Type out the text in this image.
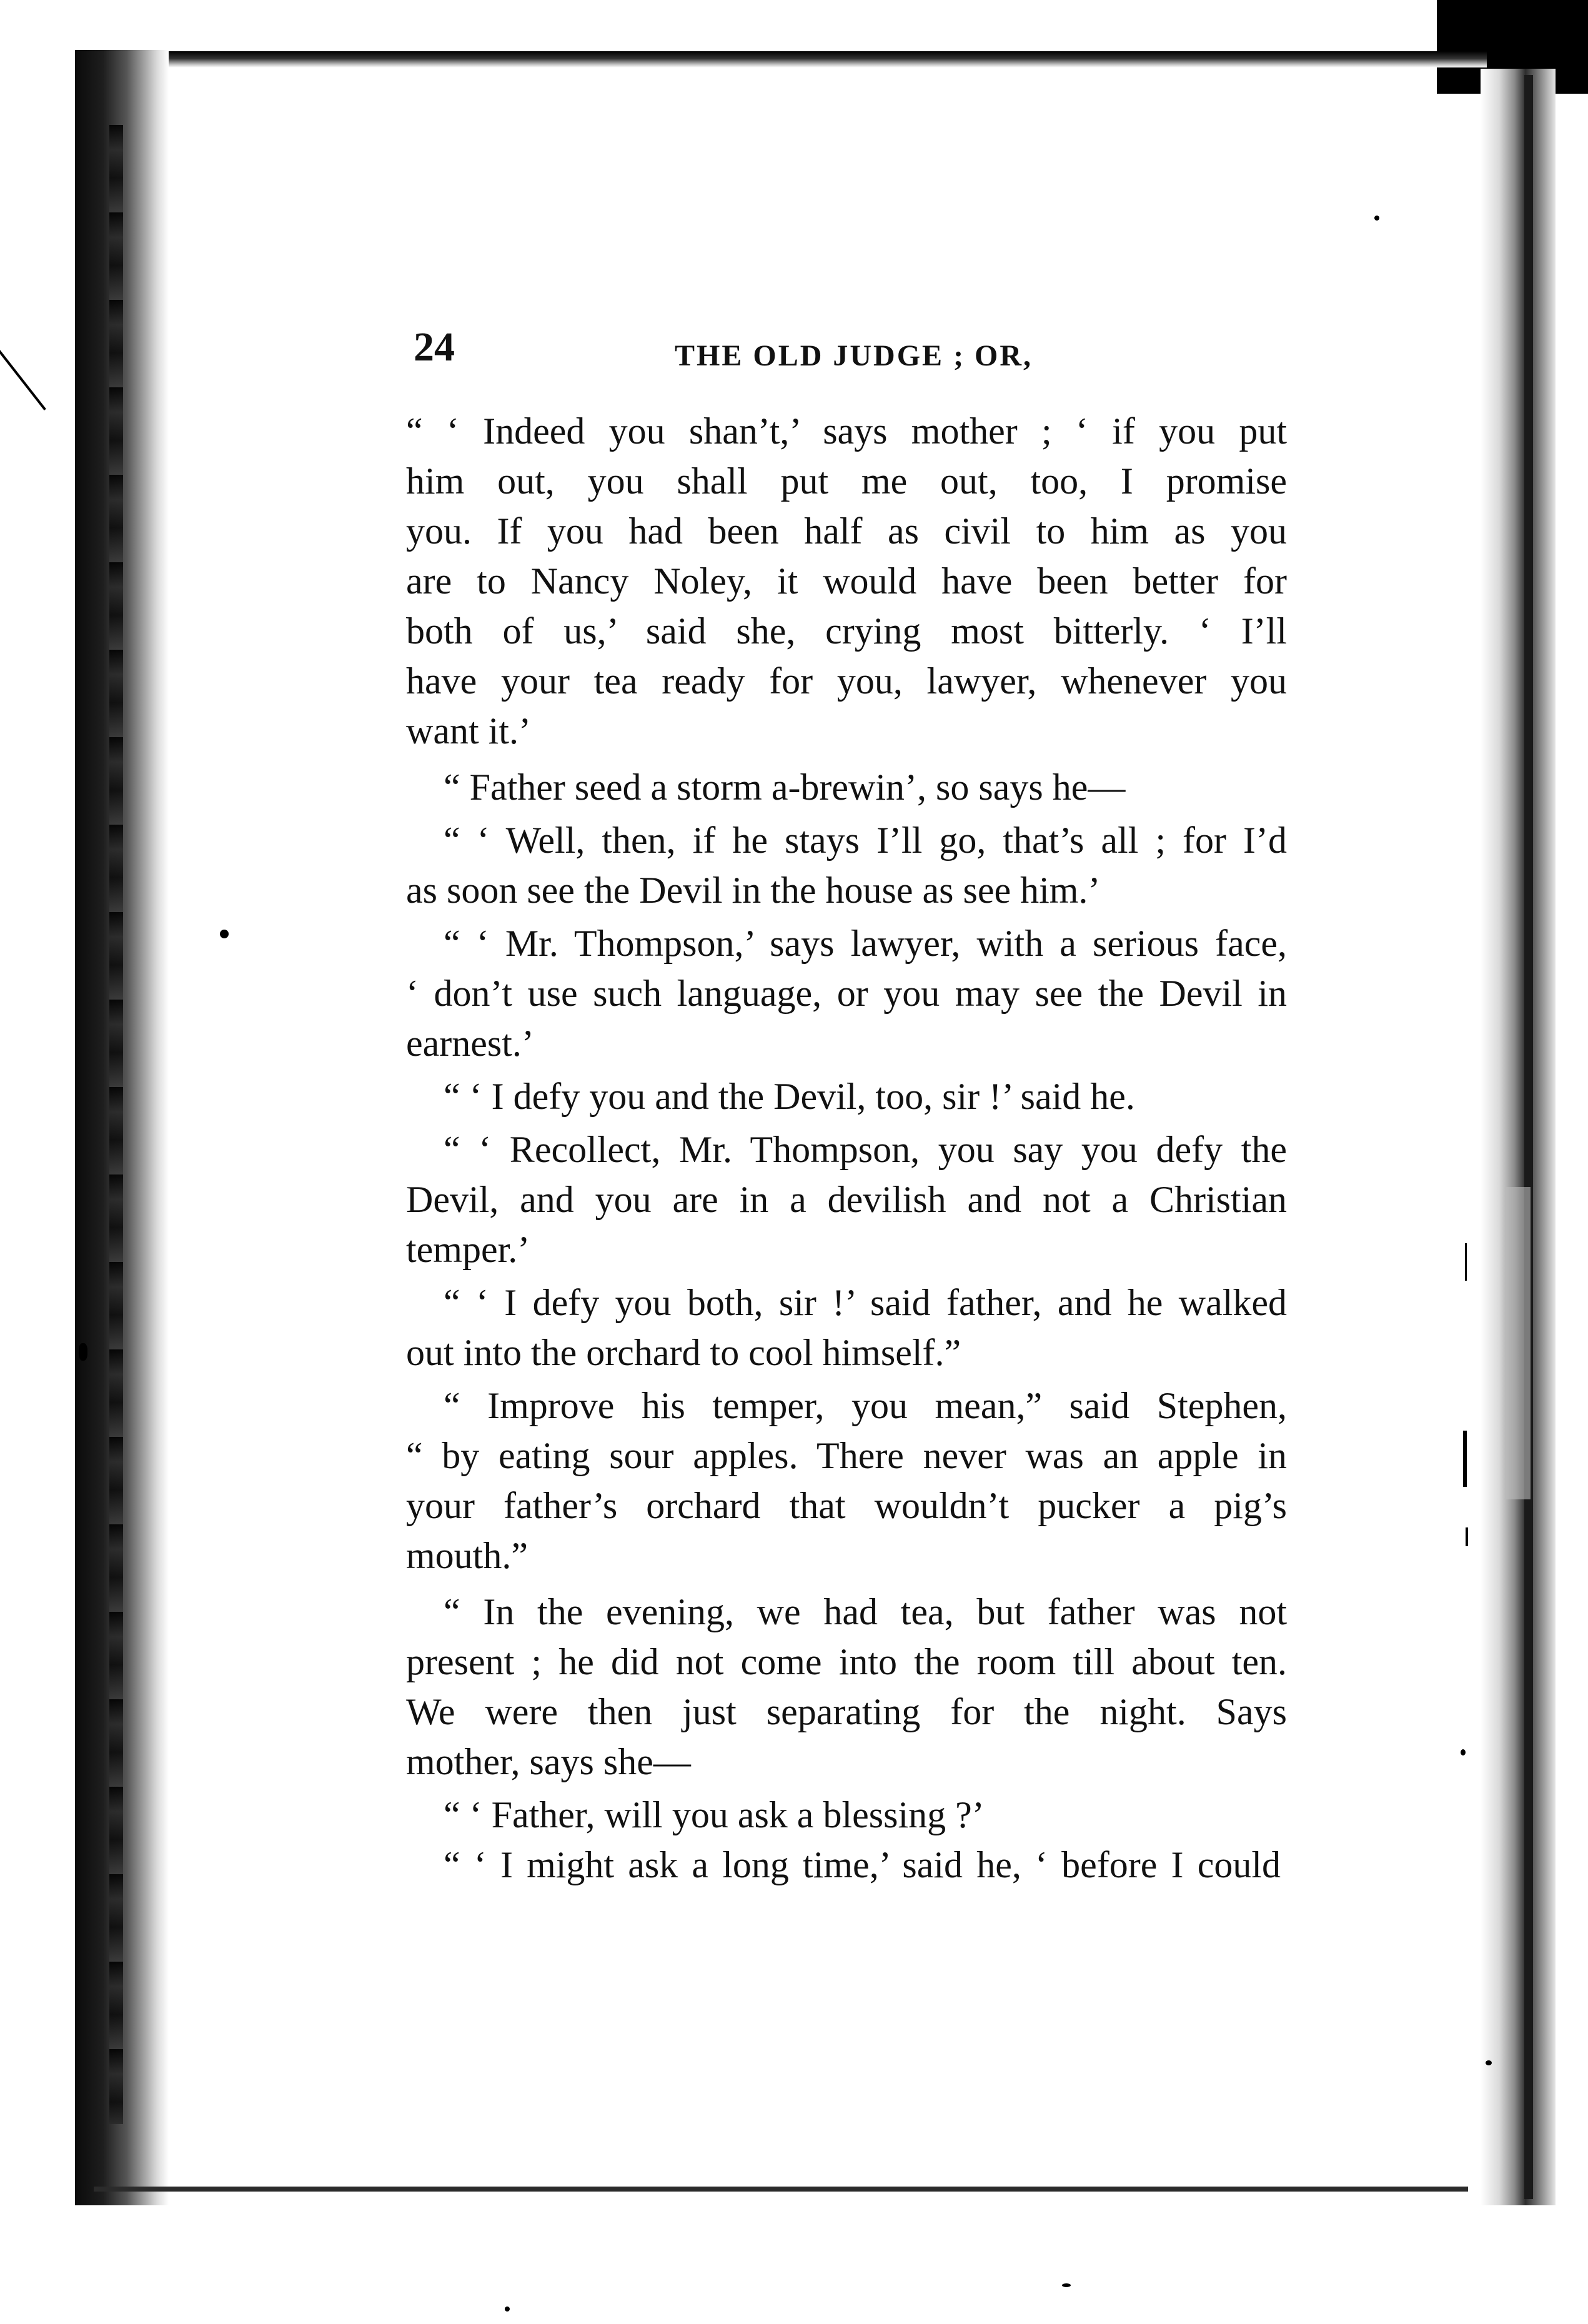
24	THE OLD JUDGE ; OR,
“ ‘ Indeed you shan’t,’ says mother ; ‘ if you put
him out, you shall put me out, too, I promise
you. If you had been half as civil to him as you
are to Nancy Noley, it would have been better for
both of us,’ said she, crying most bitterly. ‘ I’ll
have your tea ready for you, lawyer, whenever you
want it.’
“ Father seed a storm a-brewin’, so says he—
“ ‘ Well, then, if he stays I’ll go, that’s all ; for I’d
as soon see the Devil in the house as see him.’
“ ‘ Mr. Thompson,’ says lawyer, with a serious face,
‘ don’t use such language, or you may see the Devil in
earnest.’
“ ‘ I defy you and the Devil, too, sir !’ said he.
“ ‘ Recollect, Mr. Thompson, you say you defy the
Devil, and you are in a devilish and not a Christian
temper.’
“ ‘ I defy you both, sir !’ said father, and he walked
out into the orchard to cool himself.”
“ Improve his temper, you mean,” said Stephen,
“ by eating sour apples. There never was an apple in
your father’s orchard that wouldn’t pucker a pig’s
mouth.”
“ In the evening, we had tea, but father was not
present ; he did not come into the room till about ten.
We were then just separating for the night. Says
mother, says she—
“ ‘ Father, will you ask a blessing ?’
“ ‘ I might ask a long time,’ said he, ‘ before I could
